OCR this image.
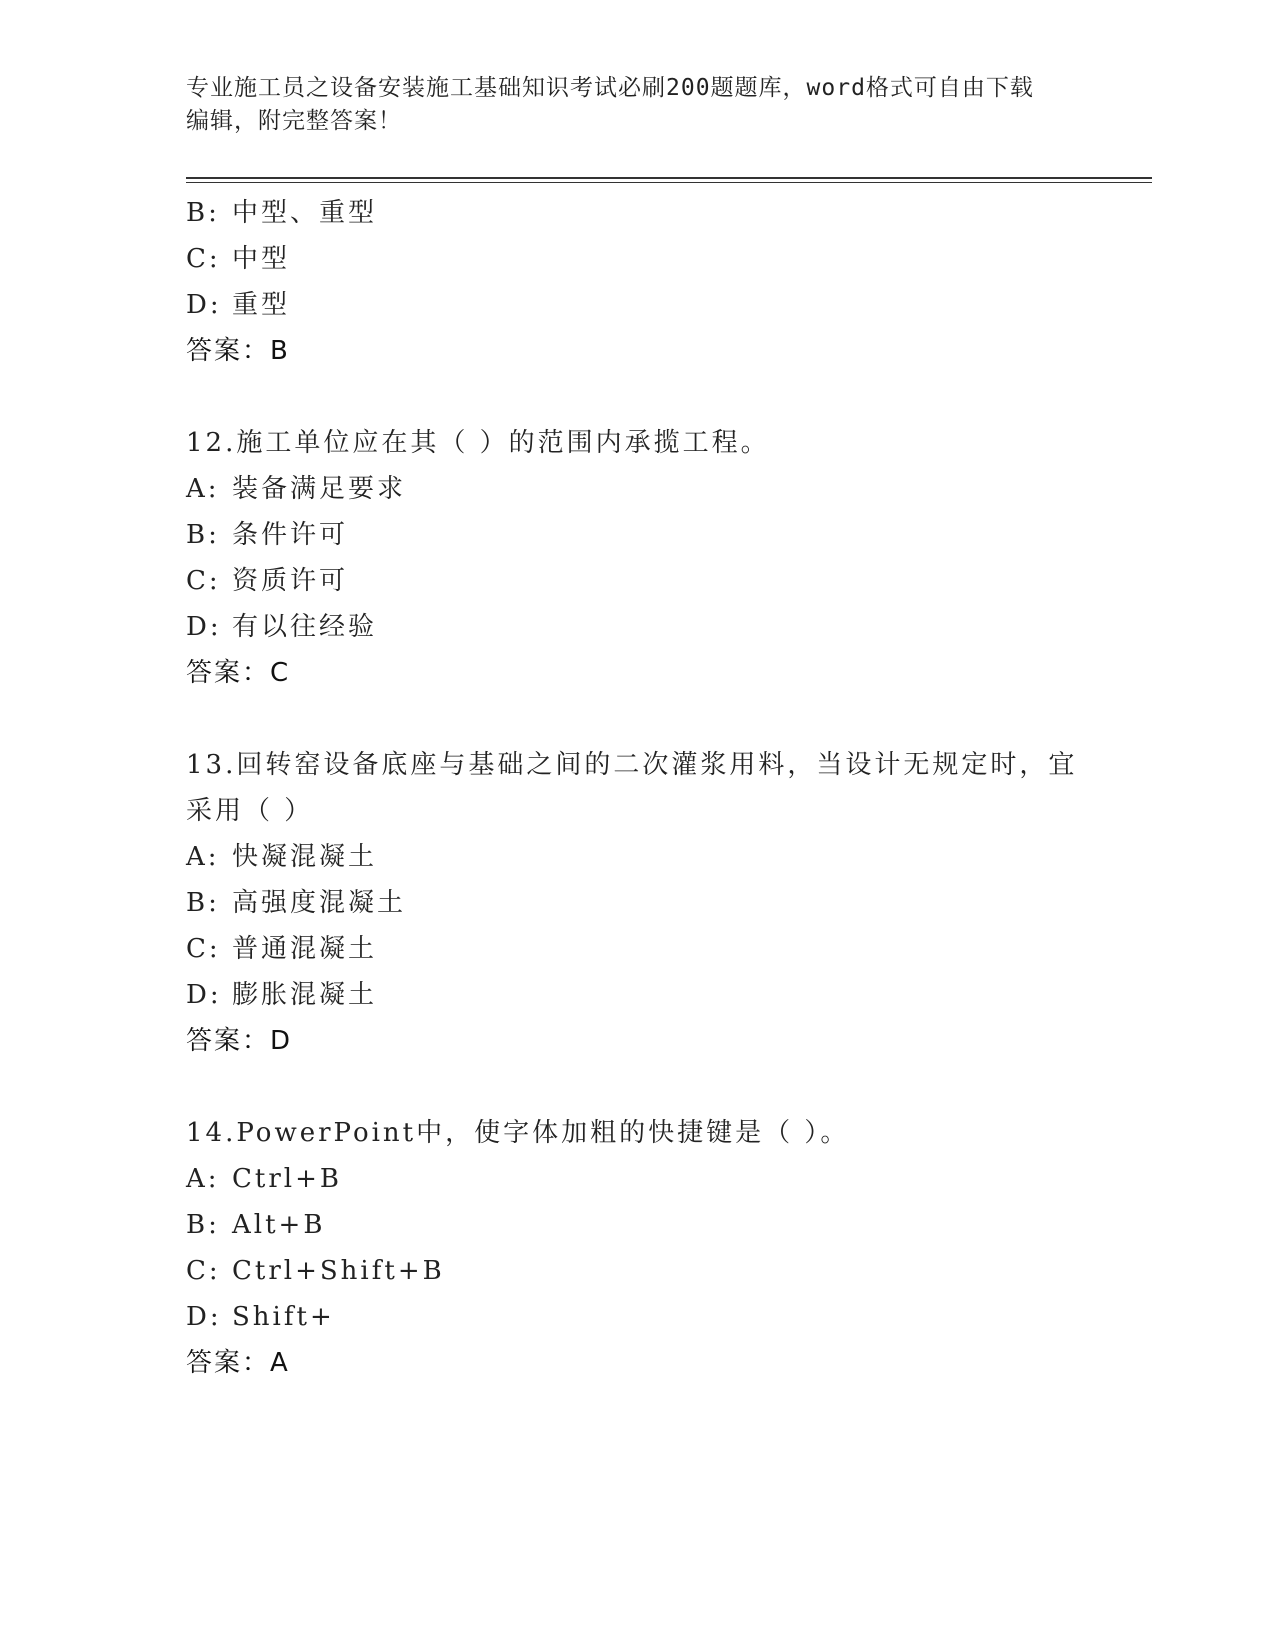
专业施工员之设备安装施工基础知识考试必刷200题题库，word格式可自由下载
编辑，附完整答案！

B: 中型、重型

C: 中型

D: 重型

答案：B

12.施工单位应在其（ ）的范围内承揽工程。

A: 装备满足要求

B: 条件许可

C: 资质许可

D: 有以往经验

答案：C

13.回转窑设备底座与基础之间的二次灌浆用料，当设计无规定时，宜

采用（ ）

A: 快凝混凝土

B: 高强度混凝土

C: 普通混凝土

D: 膨胀混凝土

答案：D

14.PowerPoint中，使字体加粗的快捷键是（ ）。

A: Ctrl+B

B: Alt+B

C: Ctrl+Shift+B

D: Shift+

答案：A
